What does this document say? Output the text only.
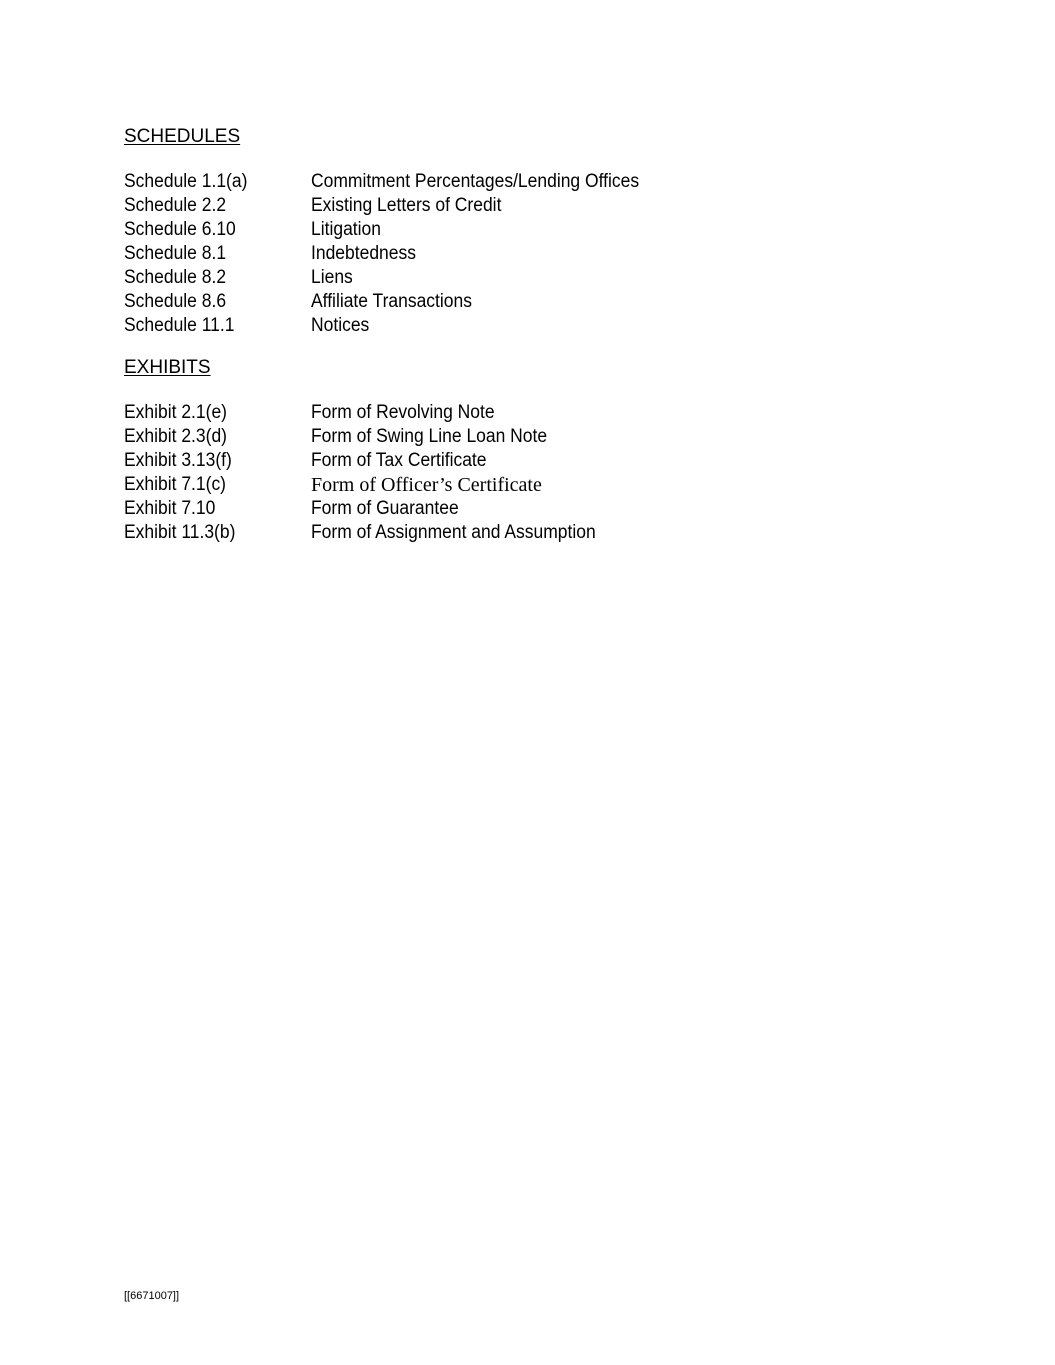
SCHEDULES
Schedule 1.1(a)	Commitment Percentages/Lending Offices
Schedule 2.2	Existing Letters of Credit
Schedule 6.10	Litigation
Schedule 8.1	Indebtedness
Schedule 8.2	Liens
Schedule 8.6	Affiliate Transactions
Schedule 11.1	Notices
EXHIBITS
Exhibit 2.1(e)	Form of Revolving Note
Exhibit 2.3(d)	Form of Swing Line Loan Note
Exhibit 3.13(f)	Form of Tax Certificate
Exhibit 7.1(c)	Form of Officer’s Certificate
Exhibit 7.10	Form of Guarantee
Exhibit 11.3(b)	Form of Assignment and Assumption
[[6671007]]
